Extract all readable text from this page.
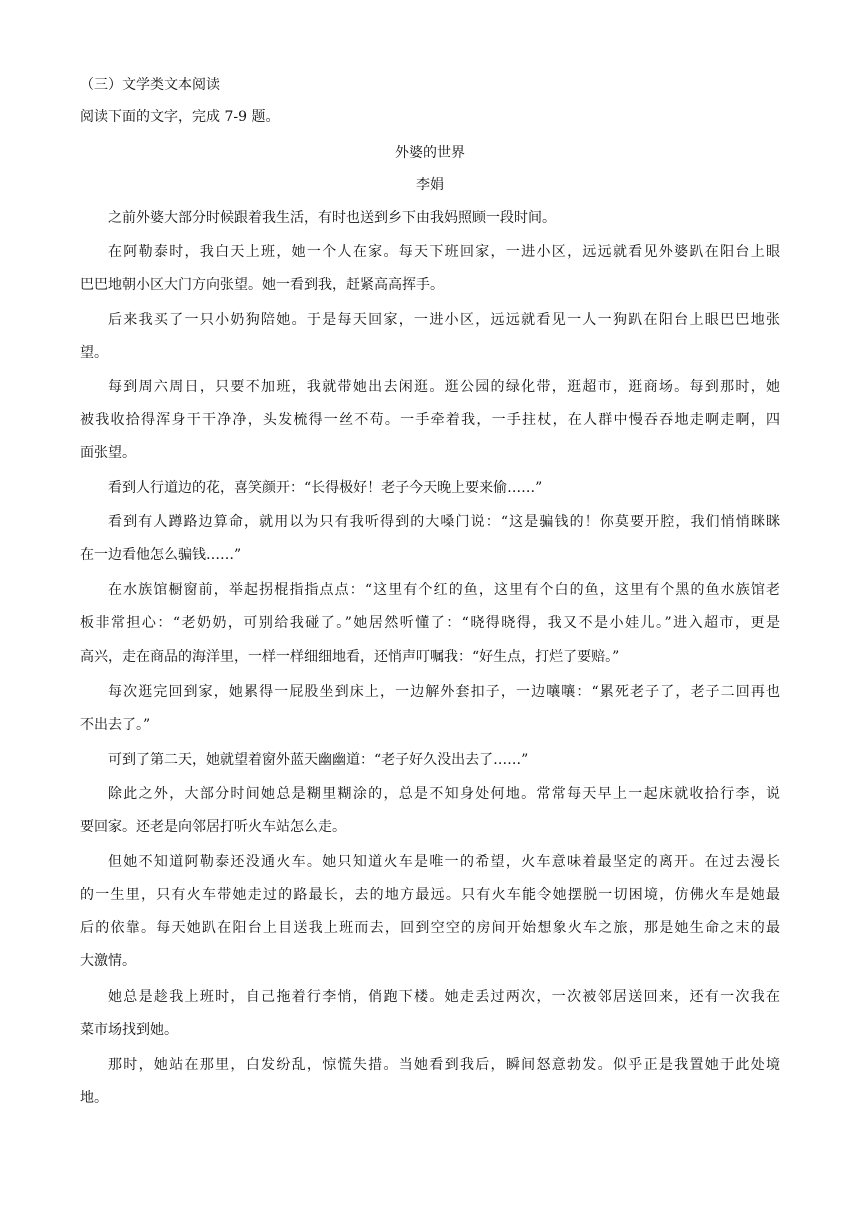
（三）文学类文本阅读
阅读下面的文字，完成 7-9 题。
外婆的世界
李娟
之前外婆大部分时候跟着我生活，有时也送到乡下由我妈照顾一段时间。
在阿勒泰时，我白天上班，她一个人在家。每天下班回家，一进小区，远远就看见外婆趴在阳台上眼
巴巴地朝小区大门方向张望。她一看到我，赶紧高高挥手。
后来我买了一只小奶狗陪她。于是每天回家，一进小区，远远就看见一人一狗趴在阳台上眼巴巴地张
望。
每到周六周日，只要不加班，我就带她出去闲逛。逛公园的绿化带，逛超市，逛商场。每到那时，她
被我收拾得浑身干干净净，头发梳得一丝不苟。一手牵着我，一手拄杖，在人群中慢吞吞地走啊走啊，四
面张望。
看到人行道边的花，喜笑颜开：“长得极好！老子今天晚上要来偷……”
看到有人蹲路边算命，就用以为只有我听得到的大嗓门说：“这是骗钱的！你莫要开腔，我们悄悄眯眯
在一边看他怎么骗钱……”
在水族馆橱窗前，举起拐棍指指点点：“这里有个红的鱼，这里有个白的鱼，这里有个黑的鱼水族馆老
板非常担心：“老奶奶，可别给我碰了。”她居然听懂了：“晓得晓得，我又不是小娃儿。”进入超市，更是
高兴，走在商品的海洋里，一样一样细细地看，还悄声叮嘱我：“好生点，打烂了要赔。”
每次逛完回到家，她累得一屁股坐到床上，一边解外套扣子，一边嚷嚷：“累死老子了，老子二回再也
不出去了。”
可到了第二天，她就望着窗外蓝天幽幽道：“老子好久没出去了……”
除此之外，大部分时间她总是糊里糊涂的，总是不知身处何地。常常每天早上一起床就收拾行李，说
要回家。还老是向邻居打听火车站怎么走。
但她不知道阿勒泰还没通火车。她只知道火车是唯一的希望，火车意味着最坚定的离开。在过去漫长
的一生里，只有火车带她走过的路最长，去的地方最远。只有火车能令她摆脱一切困境，仿佛火车是她最
后的依靠。每天她趴在阳台上目送我上班而去，回到空空的房间开始想象火车之旅，那是她生命之末的最
大激情。
她总是趁我上班时，自己拖着行李悄，俏跑下楼。她走丢过两次，一次被邻居送回来，还有一次我在
菜市场找到她。
那时，她站在那里，白发纷乱，惊慌失措。当她看到我后，瞬间怒意勃发。似乎正是我置她于此处境
地。
